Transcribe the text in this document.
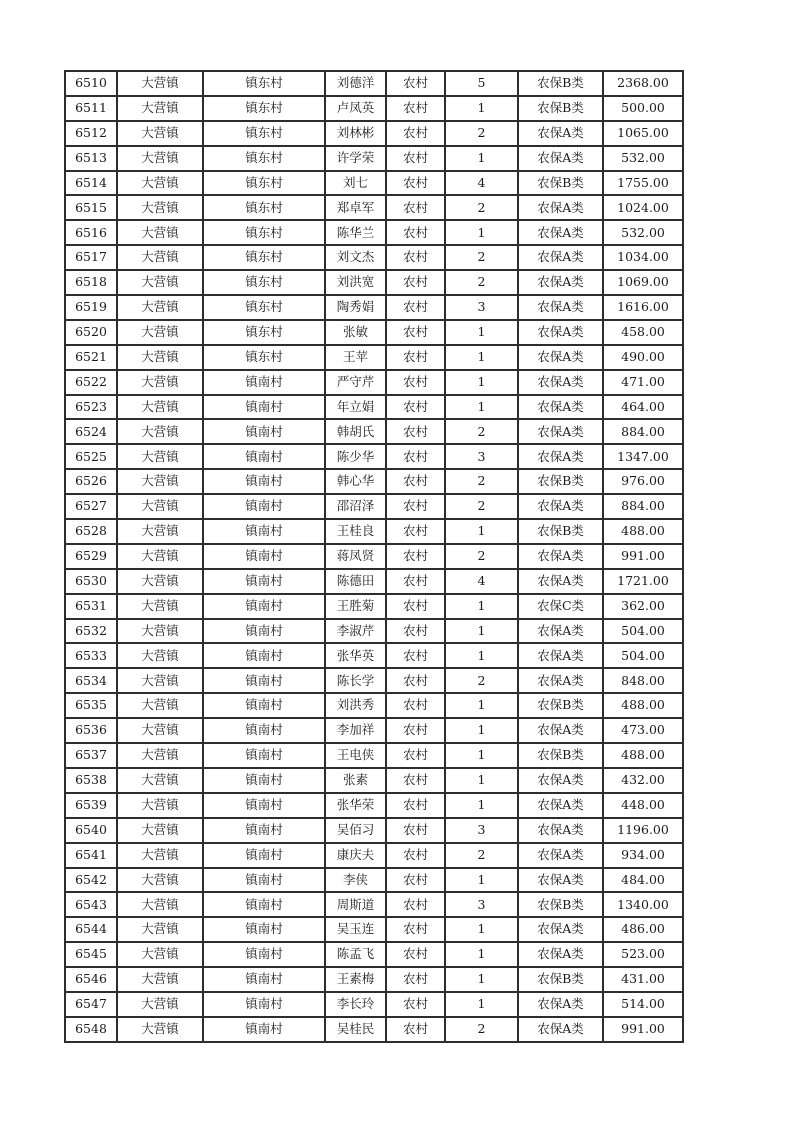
6510	大营镇	镇东村	刘德洋	农村	5	农保B类	2368.00
6511	大营镇	镇东村	卢凤英	农村	1	农保B类	500.00
6512	大营镇	镇东村	刘林彬	农村	2	农保A类	1065.00
6513	大营镇	镇东村	许学荣	农村	1	农保A类	532.00
6514	大营镇	镇东村	刘七	农村	4	农保B类	1755.00
6515	大营镇	镇东村	郑卓军	农村	2	农保A类	1024.00
6516	大营镇	镇东村	陈华兰	农村	1	农保A类	532.00
6517	大营镇	镇东村	刘文杰	农村	2	农保A类	1034.00
6518	大营镇	镇东村	刘洪宽	农村	2	农保A类	1069.00
6519	大营镇	镇东村	陶秀娟	农村	3	农保A类	1616.00
6520	大营镇	镇东村	张敏	农村	1	农保A类	458.00
6521	大营镇	镇东村	王苹	农村	1	农保A类	490.00
6522	大营镇	镇南村	严守芹	农村	1	农保A类	471.00
6523	大营镇	镇南村	年立娟	农村	1	农保A类	464.00
6524	大营镇	镇南村	韩胡氏	农村	2	农保A类	884.00
6525	大营镇	镇南村	陈少华	农村	3	农保A类	1347.00
6526	大营镇	镇南村	韩心华	农村	2	农保B类	976.00
6527	大营镇	镇南村	邵沼泽	农村	2	农保A类	884.00
6528	大营镇	镇南村	王桂良	农村	1	农保B类	488.00
6529	大营镇	镇南村	蒋凤贤	农村	2	农保A类	991.00
6530	大营镇	镇南村	陈德田	农村	4	农保A类	1721.00
6531	大营镇	镇南村	王胜菊	农村	1	农保C类	362.00
6532	大营镇	镇南村	李淑芹	农村	1	农保A类	504.00
6533	大营镇	镇南村	张华英	农村	1	农保A类	504.00
6534	大营镇	镇南村	陈长学	农村	2	农保A类	848.00
6535	大营镇	镇南村	刘洪秀	农村	1	农保B类	488.00
6536	大营镇	镇南村	李加祥	农村	1	农保A类	473.00
6537	大营镇	镇南村	王电侠	农村	1	农保B类	488.00
6538	大营镇	镇南村	张素	农村	1	农保A类	432.00
6539	大营镇	镇南村	张华荣	农村	1	农保A类	448.00
6540	大营镇	镇南村	吴佰习	农村	3	农保A类	1196.00
6541	大营镇	镇南村	康庆夫	农村	2	农保A类	934.00
6542	大营镇	镇南村	李侠	农村	1	农保A类	484.00
6543	大营镇	镇南村	周斯道	农村	3	农保B类	1340.00
6544	大营镇	镇南村	吴玉连	农村	1	农保A类	486.00
6545	大营镇	镇南村	陈孟飞	农村	1	农保A类	523.00
6546	大营镇	镇南村	王素梅	农村	1	农保B类	431.00
6547	大营镇	镇南村	李长玲	农村	1	农保A类	514.00
6548	大营镇	镇南村	吴桂民	农村	2	农保A类	991.00
